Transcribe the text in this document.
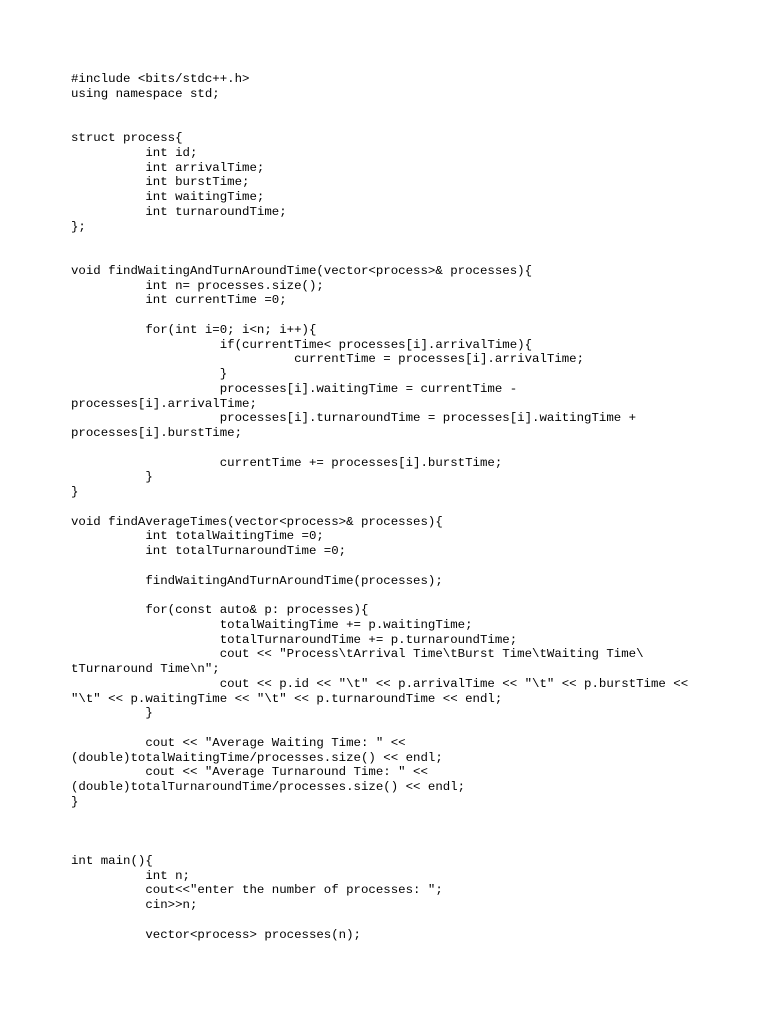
#include <bits/stdc++.h>
using namespace std;
struct process{
int id;
int arrivalTime;
int burstTime;
int waitingTime;
int turnaroundTime;
};
void findWaitingAndTurnAroundTime(vector<process>& processes){
int n= processes.size();
int currentTime =0;
for(int i=0; i<n; i++){
if(currentTime< processes[i].arrivalTime){
currentTime = processes[i].arrivalTime;
}
processes[i].waitingTime = currentTime -
processes[i].arrivalTime;
processes[i].turnaroundTime = processes[i].waitingTime +
processes[i].burstTime;
currentTime += processes[i].burstTime;
}
}
void findAverageTimes(vector<process>& processes){
int totalWaitingTime =0;
int totalTurnaroundTime =0;
findWaitingAndTurnAroundTime(processes);
for(const auto& p: processes){
totalWaitingTime += p.waitingTime;
totalTurnaroundTime += p.turnaroundTime;
cout << "Process\tArrival Time\tBurst Time\tWaiting Time\
tTurnaround Time\n";
cout << p.id << "\t" << p.arrivalTime << "\t" << p.burstTime <<
"\t" << p.waitingTime << "\t" << p.turnaroundTime << endl;
}
cout << "Average Waiting Time: " <<
(double)totalWaitingTime/processes.size() << endl;
cout << "Average Turnaround Time: " <<
(double)totalTurnaroundTime/processes.size() << endl;
}
int main(){
int n;
cout<<"enter the number of processes: ";
cin>>n;
vector<process> processes(n);
